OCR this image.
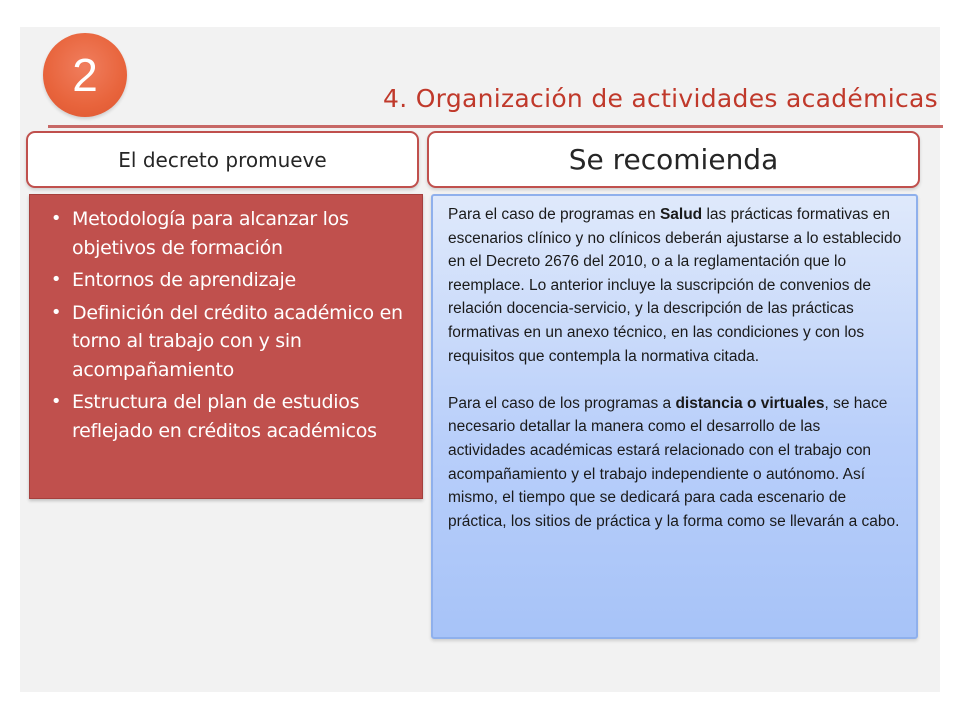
2	4. Organización de actividades académicas
El decreto promueve	Se recomienda
• Metodología para alcanzar los objetivos de formación
• Entornos de aprendizaje
• Definición del crédito académico en torno al trabajo con y sin acompañamiento
• Estructura del plan de estudios reflejado en créditos académicos

Para el caso de programas en Salud las prácticas formativas en escenarios clínico y no clínicos deberán ajustarse a lo establecido en el Decreto 2676 del 2010, o a la reglamentación que lo reemplace. Lo anterior incluye la suscripción de convenios de relación docencia-servicio, y la descripción de las prácticas formativas en un anexo técnico, en las condiciones y con los requisitos que contempla la normativa citada.

Para el caso de los programas a distancia o virtuales, se hace necesario detallar la manera como el desarrollo de las actividades académicas estará relacionado con el trabajo con acompañamiento y el trabajo independiente o autónomo. Así mismo, el tiempo que se dedicará para cada escenario de práctica, los sitios de práctica y la forma como se llevarán a cabo.
